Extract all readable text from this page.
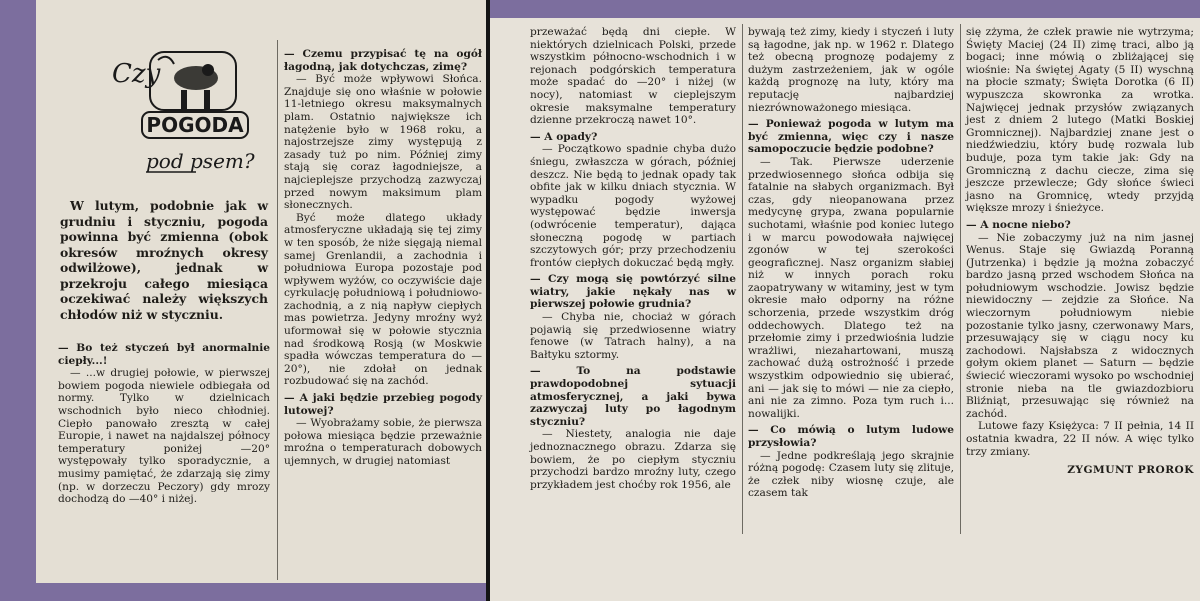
Czy
POGODA
pod psem?

W lutym, podobnie jak w grudniu i styczniu, pogoda powinna być zmienna (obok okresów mroźnych okresy odwilżowe), jednak w przekroju całego miesiąca oczekiwać należy większych chłodów niż w styczniu.

— Bo też styczeń był anormalnie ciepły...!

— ...w drugiej połowie, w pierwszej bowiem pogoda niewiele odbiegała od normy. Tylko w dzielnicach wschodnich było nieco chłodniej. Ciepło panowało zresztą w całej Europie, i nawet na najdalszej północy temperatury poniżej —20° występowały tylko sporadycznie, a musimy pamiętać, że zdarzają się zimy (np. w dorzeczu Peczory) gdy mrozy dochodzą do —40° i niżej.

— Czemu przypisać tę na ogół łagodną, jak dotychczas, zimę?

— Być może wpływowi Słońca. Znajduje się ono właśnie w połowie 11-letniego okresu maksymalnych plam. Ostatnio największe ich natężenie było w 1968 roku, a najostrzejsze zimy występują z zasady tuż po nim. Później zimy stają się coraz łagodniejsze, a najcieplejsze przychodzą zazwyczaj przed nowym maksimum plam słonecznych.

Być może dlatego układy atmosferyczne układają się tej zimy w ten sposób, że niże sięgają niemal samej Grenlandii, a zachodnia i południowa Europa pozostaje pod wpływem wyżów, co oczywiście daje cyrkulację południową i południowo-zachodnią, a z nią napływ ciepłych mas powietrza. Jedyny mroźny wyż uformował się w połowie stycznia nad środkową Rosją (w Moskwie spadła wówczas temperatura do —20°), nie zdołał on jednak rozbudować się na zachód.

— A jaki będzie przebieg pogody lutowej?

— Wyobrażamy sobie, że pierwsza połowa miesiąca będzie przeważnie mroźna o temperaturach dobowych ujemnych, w drugiej natomiast

przeważać będą dni ciepłe. W niektórych dzielnicach Polski, przede wszystkim północno-wschodnich i w rejonach podgórskich temperatura może spadać do —20° i niżej (w nocy), natomiast w cieplejszym okresie maksymalne temperatury dzienne przekroczą nawet 10°.

— A opady?

— Początkowo spadnie chyba dużo śniegu, zwłaszcza w górach, później deszcz. Nie będą to jednak opady tak obfite jak w kilku dniach stycznia. W wypadku pogody wyżowej występować będzie inwersja (odwrócenie temperatur), dająca słoneczną pogodę w partiach szczytowych gór; przy przechodzeniu frontów ciepłych dokuczać będą mgły.

— Czy mogą się powtórzyć silne wiatry, jakie nękały nas w pierwszej połowie grudnia?

— Chyba nie, chociaż w górach pojawią się przedwiosenne wiatry fenowe (w Tatrach halny), a na Bałtyku sztormy.

— To na podstawie prawdopodobnej sytuacji atmosferycznej, a jaki bywa zazwyczaj luty po łagodnym styczniu?

— Niestety, analogia nie daje jednoznacznego obrazu. Zdarza się bowiem, że po ciepłym styczniu przychodzi bardzo mroźny luty, czego przykładem jest choćby rok 1956, ale

bywają też zimy, kiedy i styczeń i luty są łagodne, jak np. w 1962 r. Dlatego też obecną prognozę podajemy z dużym zastrzeżeniem, jak w ogóle każdą prognozę na luty, który ma reputację najbardziej niezrównoważonego miesiąca.

— Ponieważ pogoda w lutym ma być zmienna, więc czy i nasze samopoczucie będzie podobne?

— Tak. Pierwsze uderzenie przedwiosennego słońca odbija się fatalnie na słabych organizmach. Był czas, gdy nieopanowana przez medycynę grypa, zwana popularnie suchotami, właśnie pod koniec lutego i w marcu powodowała najwięcej zgonów w tej szerokości geograficznej. Nasz organizm słabiej niż w innych porach roku zaopatrywany w witaminy, jest w tym okresie mało odporny na różne schorzenia, przede wszystkim dróg oddechowych. Dlatego też na przełomie zimy i przedwiośnia ludzie wrażliwi, niezahartowani, muszą zachować dużą ostrożność i przede wszystkim odpowiednio się ubierać, ani — jak się to mówi — nie za ciepło, ani nie za zimno. Poza tym ruch i... nowalijki.

— Co mówią o lutym ludowe przysłowia?

— Jedne podkreślają jego skrajnie różną pogodę: Czasem luty się zlituje, że człek niby wiosnę czuje, ale czasem tak

się zżyma, że człek prawie nie wytrzyma; Święty Maciej (24 II) zimę traci, albo ją bogaci; inne mówią o zbliżającej się wiośnie: Na świętej Agaty (5 II) wyschną na płocie szmaty; Święta Dorotka (6 II) wypuszcza skowronka za wrotka. Najwięcej jednak przysłów związanych jest z dniem 2 lutego (Matki Boskiej Gromnicznej). Najbardziej znane jest o niedźwiedziu, który budę rozwala lub buduje, poza tym takie jak: Gdy na Gromniczną z dachu ciecze, zima się jeszcze przewlecze; Gdy słońce świeci jasno na Gromnicę, wtedy przyjdą większe mrozy i śnieżyce.

— A nocne niebo?

— Nie zobaczymy już na nim jasnej Wenus. Staje się Gwiazdą Poranną (Jutrzenka) i będzie ją można zobaczyć bardzo jasną przed wschodem Słońca na południowym wschodzie. Jowisz będzie niewidoczny — zejdzie za Słońce. Na wieczornym południowym niebie pozostanie tylko jasny, czerwonawy Mars, przesuwający się w ciągu nocy ku zachodowi. Najsłabsza z widocznych gołym okiem planet — Saturn — będzie świecić wieczorami wysoko po wschodniej stronie nieba na tle gwiazdozbioru Bliźniąt, przesuwając się również na zachód.

Lutowe fazy Księżyca: 7 II pełnia, 14 II ostatnia kwadra, 22 II nów. A więc tylko trzy zmiany.

ZYGMUNT PROROK
